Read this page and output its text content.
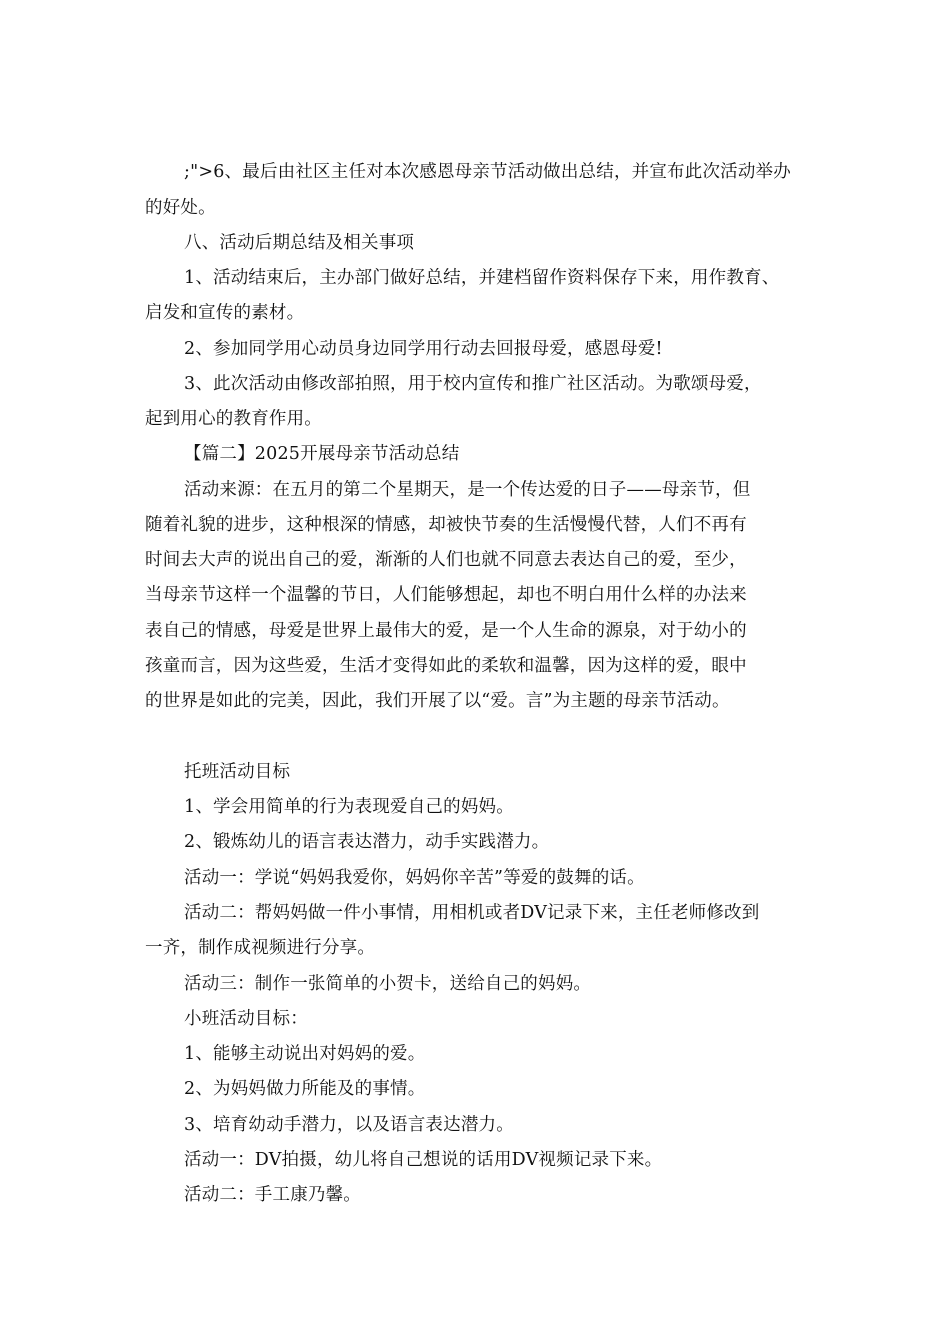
;">6、最后由社区主任对本次感恩母亲节活动做出总结，并宣布此次活动举办
的好处。
八、活动后期总结及相关事项
1、活动结束后，主办部门做好总结，并建档留作资料保存下来，用作教育、
启发和宣传的素材。
2、参加同学用心动员身边同学用行动去回报母爱，感恩母爱!
3、此次活动由修改部拍照，用于校内宣传和推广社区活动。为歌颂母爱，
起到用心的教育作用。
【篇二】2025开展母亲节活动总结
活动来源：在五月的第二个星期天，是一个传达爱的日子——母亲节，但
随着礼貌的进步，这种根深的情感，却被快节奏的生活慢慢代替，人们不再有
时间去大声的说出自己的爱，渐渐的人们也就不同意去表达自己的爱，至少，
当母亲节这样一个温馨的节日，人们能够想起，却也不明白用什么样的办法来
表自己的情感，母爱是世界上最伟大的爱，是一个人生命的源泉，对于幼小的
孩童而言，因为这些爱，生活才变得如此的柔软和温馨，因为这样的爱，眼中
的世界是如此的完美，因此，我们开展了以“爱。言”为主题的母亲节活动。
托班活动目标
1、学会用简单的行为表现爱自己的妈妈。
2、锻炼幼儿的语言表达潜力，动手实践潜力。
活动一：学说“妈妈我爱你，妈妈你辛苦”等爱的鼓舞的话。
活动二：帮妈妈做一件小事情，用相机或者DV记录下来，主任老师修改到
一齐，制作成视频进行分享。
活动三：制作一张简单的小贺卡，送给自己的妈妈。
小班活动目标：
1、能够主动说出对妈妈的爱。
2、为妈妈做力所能及的事情。
3、培育幼动手潜力，以及语言表达潜力。
活动一：DV拍摄，幼儿将自己想说的话用DV视频记录下来。
活动二：手工康乃馨。
